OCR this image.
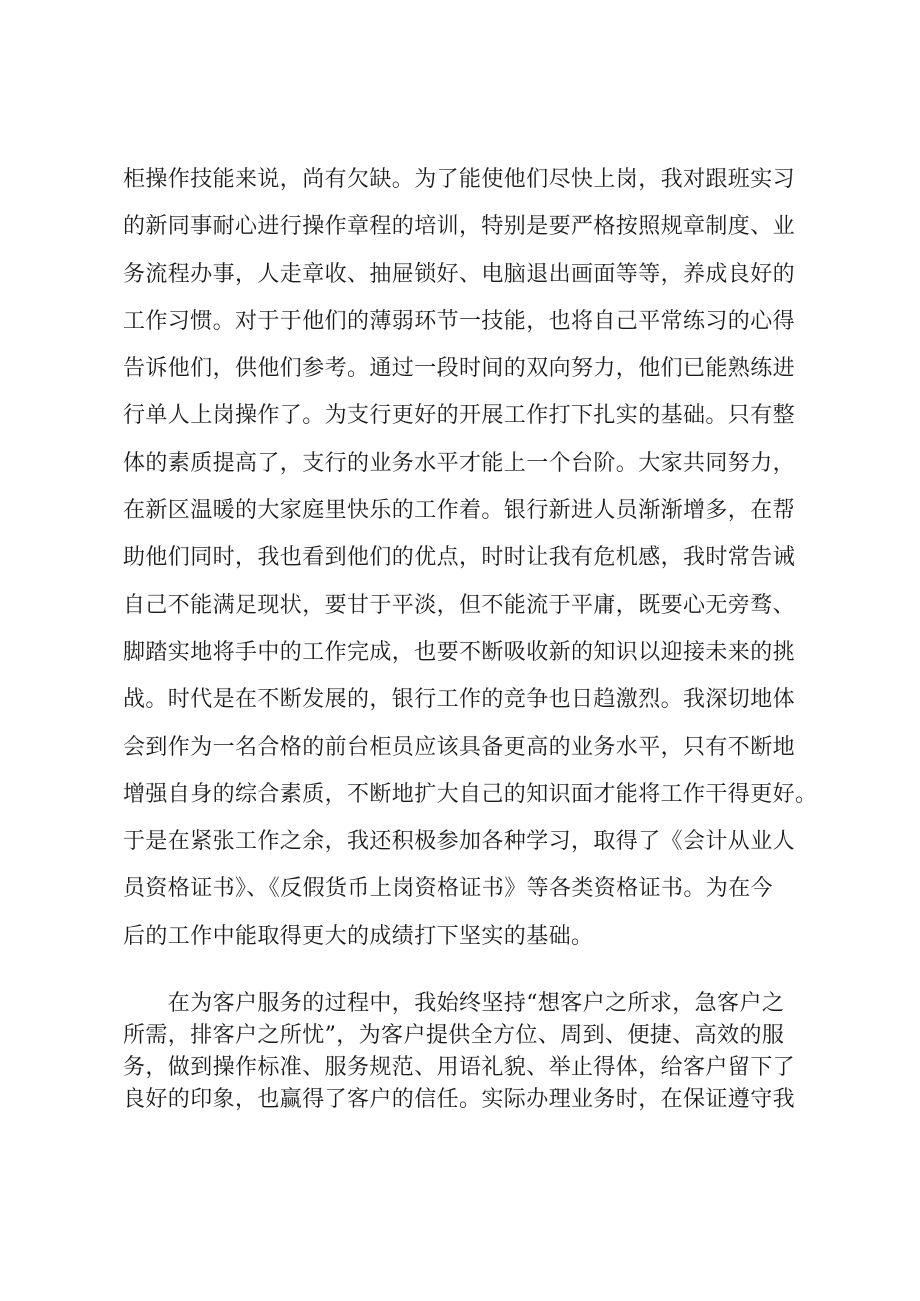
柜操作技能来说，尚有欠缺。为了能使他们尽快上岗，我对跟班实习
的新同事耐心进行操作章程的培训，特别是要严格按照规章制度、业
务流程办事，人走章收、抽屉锁好、电脑退出画面等等，养成良好的
工作习惯。对于于他们的薄弱环节一技能，也将自己平常练习的心得
告诉他们，供他们参考。通过一段时间的双向努力，他们已能熟练进
行单人上岗操作了。为支行更好的开展工作打下扎实的基础。只有整
体的素质提高了，支行的业务水平才能上一个台阶。大家共同努力，
在新区温暖的大家庭里快乐的工作着。银行新进人员渐渐增多，在帮
助他们同时，我也看到他们的优点，时时让我有危机感，我时常告诫
自己不能满足现状，要甘于平淡，但不能流于平庸，既要心无旁骛、
脚踏实地将手中的工作完成，也要不断吸收新的知识以迎接未来的挑
战。时代是在不断发展的，银行工作的竞争也日趋激烈。我深切地体
会到作为一名合格的前台柜员应该具备更高的业务水平，只有不断地
增强自身的综合素质，不断地扩大自己的知识面才能将工作干得更好。
于是在紧张工作之余，我还积极参加各种学习，取得了《会计从业人
员资格证书》、《反假货币上岗资格证书》等各类资格证书。为在今
后的工作中能取得更大的成绩打下坚实的基础。
　　在为客户服务的过程中，我始终坚持“想客户之所求，急客户之
所需，排客户之所忧”，为客户提供全方位、周到、便捷、高效的服
务，做到操作标准、服务规范、用语礼貌、举止得体，给客户留下了
良好的印象，也赢得了客户的信任。实际办理业务时，在保证遵守我
